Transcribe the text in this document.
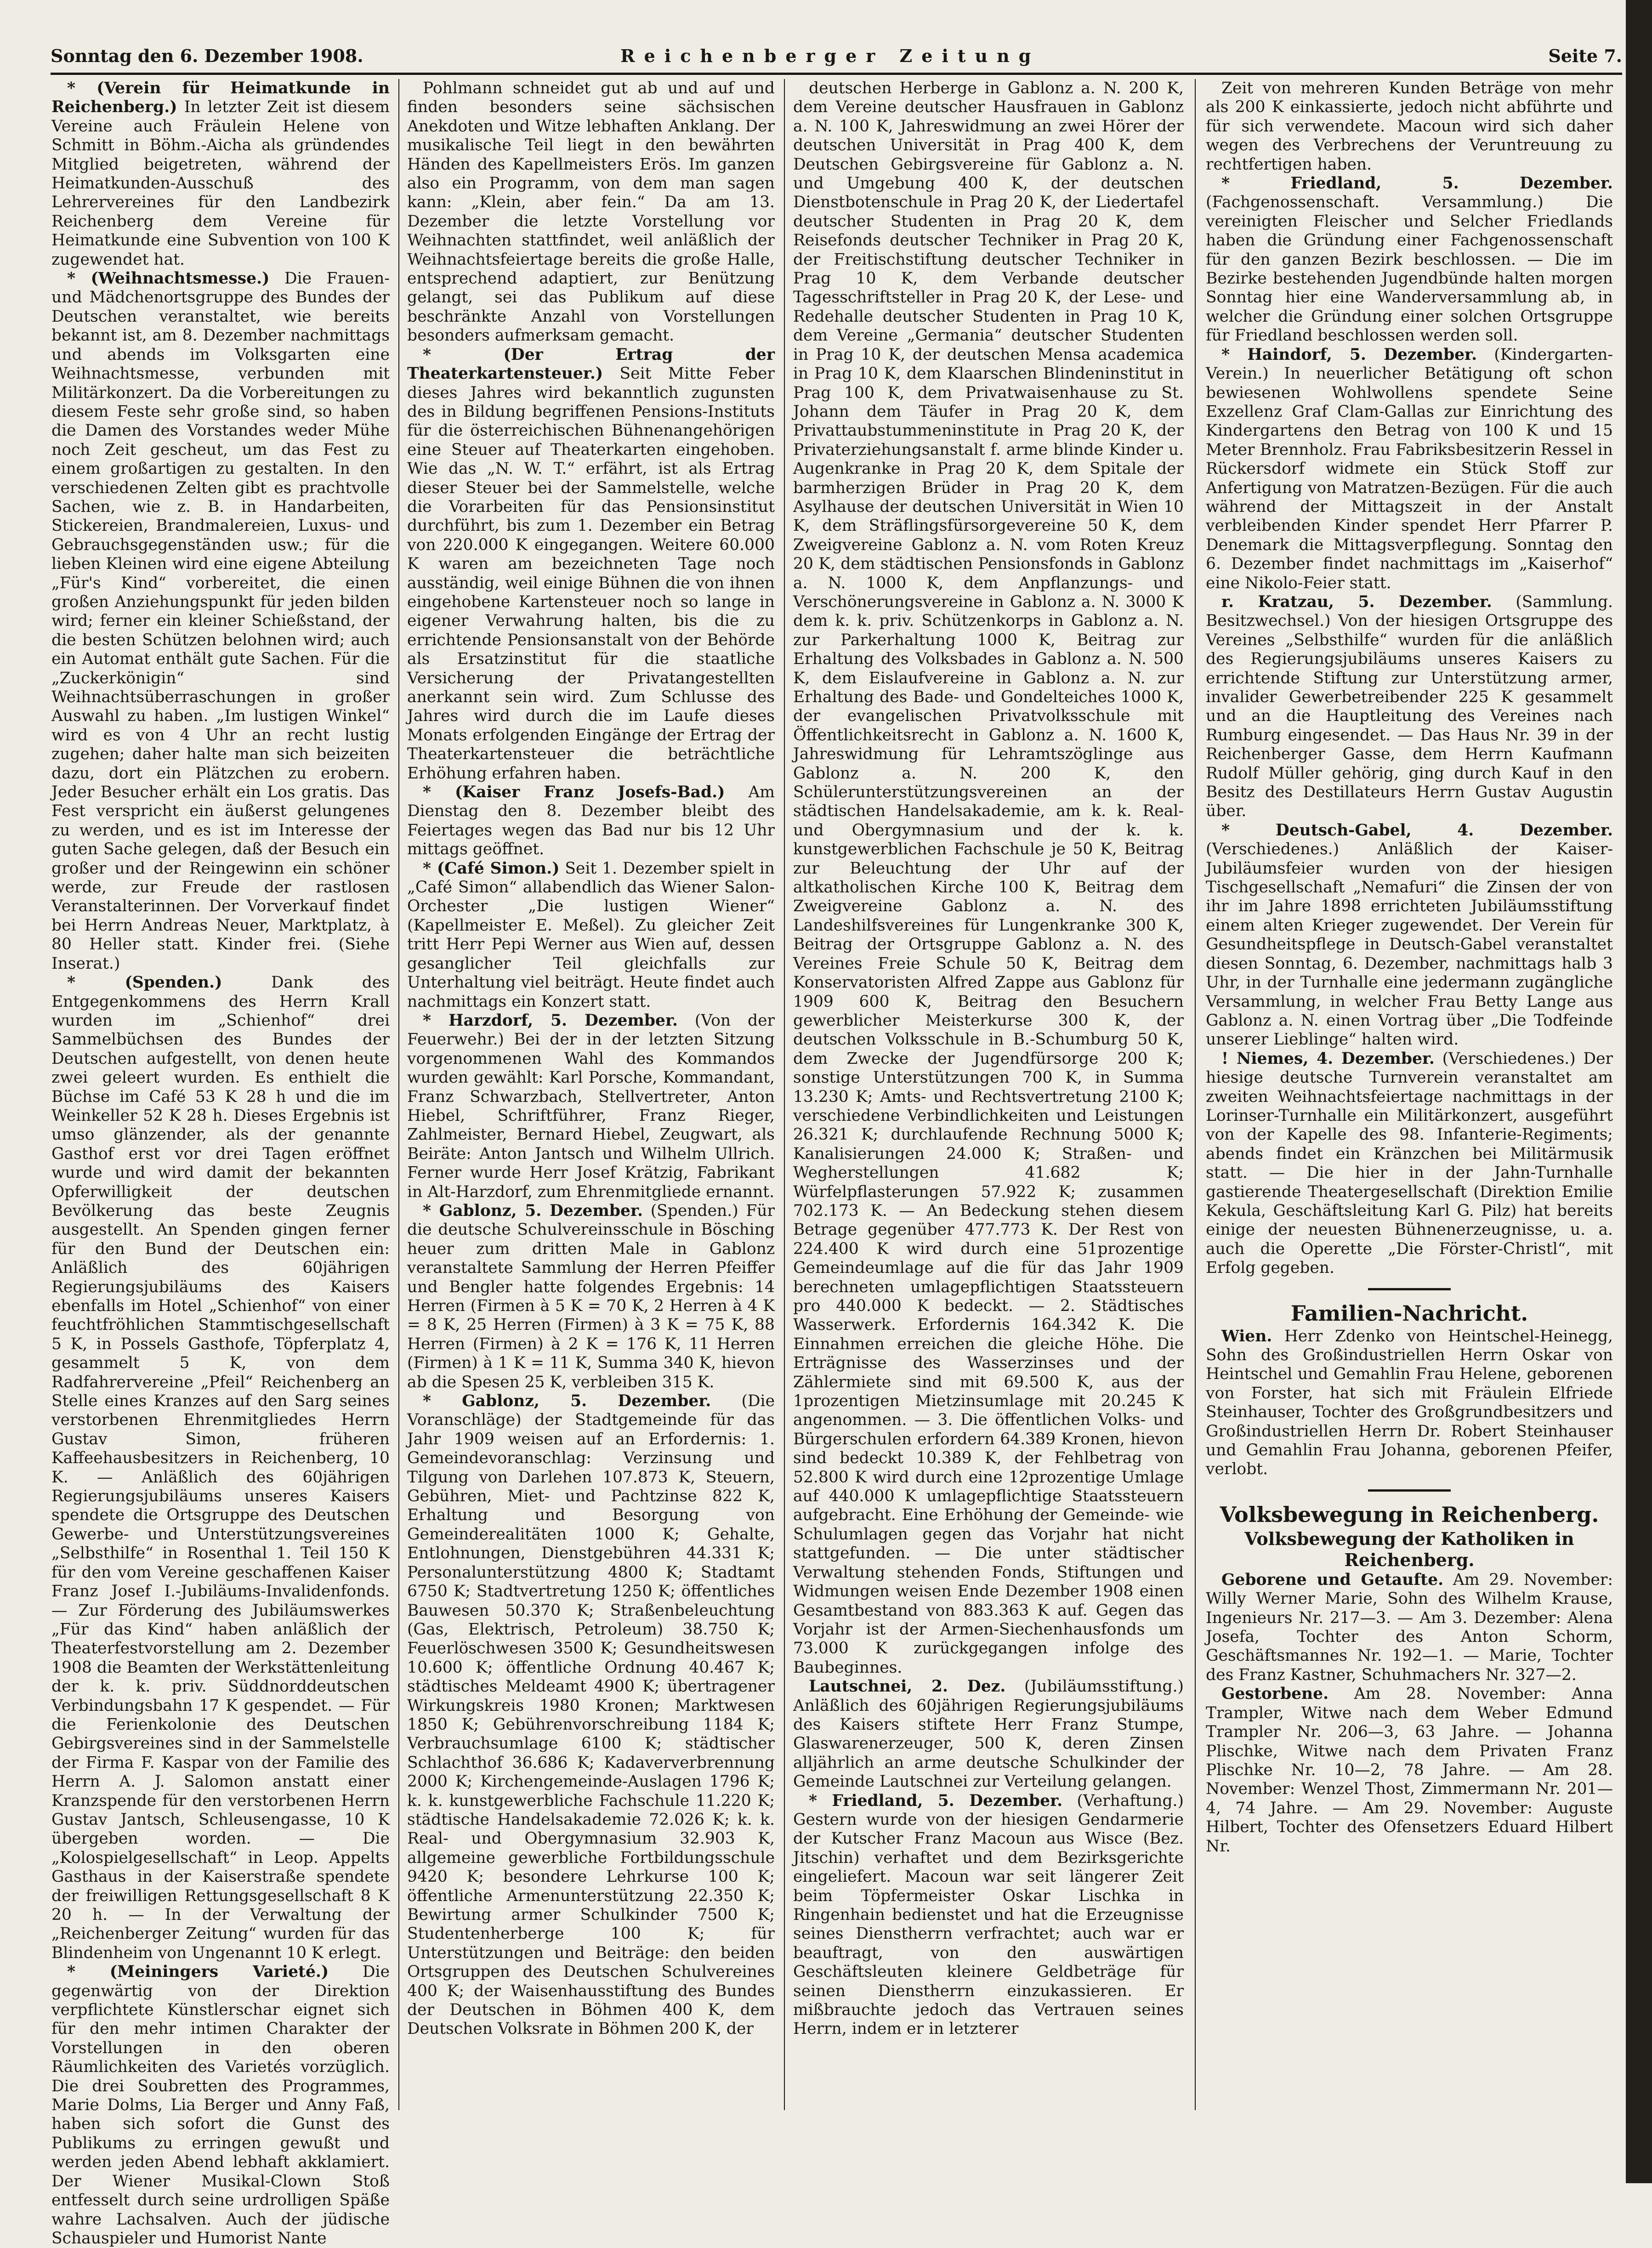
Sonntag den 6. Dezember 1908.	Reichenberger Zeitung	Seite 7.

* (Verein für Heimatkunde in Reichenberg.) In letzter Zeit ist diesem Vereine auch Fräulein Helene von Schmitt in Böhm.-Aicha als gründendes Mitglied beigetreten, während der Heimatkunden-Ausschuß des Lehrervereines für den Landbezirk Reichenberg dem Vereine für Heimatkunde eine Subvention von 100 K zugewendet hat.

* (Weihnachtsmesse.) Die Frauen- und Mädchenortsgruppe des Bundes der Deutschen veranstaltet, wie bereits bekannt ist, am 8. Dezember nachmittags und abends im Volksgarten eine Weihnachtsmesse, verbunden mit Militärkonzert. Da die Vorbereitungen zu diesem Feste sehr große sind, so haben die Damen des Vorstandes weder Mühe noch Zeit gescheut, um das Fest zu einem großartigen zu gestalten. In den verschiedenen Zelten gibt es prachtvolle Sachen, wie z. B. in Handarbeiten, Stickereien, Brandmalereien, Luxus- und Gebrauchsgegenständen usw.; für die lieben Kleinen wird eine eigene Abteilung „Für's Kind“ vorbereitet, die einen großen Anziehungspunkt für jeden bilden wird; ferner ein kleiner Schießstand, der die besten Schützen belohnen wird; auch ein Automat enthält gute Sachen. Für die „Zuckerkönigin“ sind Weihnachtsüberraschungen in großer Auswahl zu haben. „Im lustigen Winkel“ wird es von 4 Uhr an recht lustig zugehen; daher halte man sich beizeiten dazu, dort ein Plätzchen zu erobern. Jeder Besucher erhält ein Los gratis. Das Fest verspricht ein äußerst gelungenes zu werden, und es ist im Interesse der guten Sache gelegen, daß der Besuch ein großer und der Reingewinn ein schöner werde, zur Freude der rastlosen Veranstalterinnen. Der Vorverkauf findet bei Herrn Andreas Neuer, Marktplatz, à 80 Heller statt. Kinder frei. (Siehe Inserat.)

* (Spenden.)	Dank des Entgegenkommens des Herrn Krall wurden im „Schienhof“ drei Sammelbüchsen des Bundes der Deutschen aufgestellt, von denen heute zwei geleert wurden. Es enthielt die Büchse im Café 53 K 28 h und die im Weinkeller 52 K 28 h. Dieses Ergebnis ist umso glänzender, als der genannte Gasthof erst vor drei Tagen eröffnet wurde und wird damit der bekannten Opferwilligkeit der deutschen Bevölkerung das beste Zeugnis ausgestellt. An Spenden gingen ferner für den Bund der Deutschen ein: Anläßlich des 60jährigen Regierungsjubiläums des Kaisers ebenfalls im Hotel „Schienhof“ von einer feuchtfröhlichen Stammtischgesellschaft 5 K, in Possels Gasthofe, Töpferplatz 4, gesammelt 5 K, von dem Radfahrervereine „Pfeil“ Reichenberg an Stelle eines Kranzes auf den Sarg seines verstorbenen Ehrenmitgliedes Herrn Gustav Simon, früheren Kaffeehausbesitzers in Reichenberg, 10 K. — Anläßlich des 60jährigen Regierungsjubiläums unseres Kaisers spendete die Ortsgruppe des Deutschen Gewerbe- und Unterstützungsvereines „Selbsthilfe“ in Rosenthal 1. Teil 150 K für den vom Vereine geschaffenen Kaiser Franz Josef I.-Jubiläums-Invalidenfonds. — Zur Förderung des Jubiläumswerkes „Für das Kind“ haben anläßlich der Theaterfestvorstellung am 2. Dezember 1908 die Beamten der Werkstättenleitung der k. k. priv. Süddnorddeutschen Verbindungsbahn 17 K gespendet. — Für die Ferienkolonie des Deutschen Gebirgsvereines sind in der Sammelstelle der Firma F. Kaspar von der Familie des Herrn A. J. Salomon anstatt einer Kranzspende für den verstorbenen Herrn Gustav Jantsch, Schleusengasse, 10 K übergeben worden. — Die „Kolospielgesellschaft“ in Leop. Appelts Gasthaus in der Kaiserstraße spendete der freiwilligen Rettungsgesellschaft 8 K 20 h. — In der Verwaltung der „Reichenberger Zeitung“ wurden für das Blindenheim von Ungenannt 10 K erlegt.

* (Meiningers Varieté.) Die gegenwärtig von der Direktion verpflichtete Künstlerschar eignet sich für den mehr intimen Charakter der Vorstellungen in den oberen Räumlichkeiten des Varietés vorzüglich. Die drei Soubretten des Programmes, Marie Dolms, Lia Berger und Anny Faß, haben sich sofort die Gunst des Publikums zu erringen gewußt und werden jeden Abend lebhaft akklamiert. Der Wiener Musikal-Clown Stoß entfesselt durch seine urdrolligen Späße wahre Lachsalven. Auch der jüdische Schauspieler und Humorist Nante

Pohlmann schneidet gut ab und auf und finden besonders seine sächsischen Anekdoten und Witze lebhaften Anklang. Der musikalische Teil liegt in den bewährten Händen des Kapellmeisters Erös. Im ganzen also ein Programm, von dem man sagen kann: „Klein, aber fein.“ Da am 13. Dezember die letzte Vorstellung vor Weihnachten stattfindet, weil anläßlich der Weihnachtsfeiertage bereits die große Halle, entsprechend adaptiert, zur Benützung gelangt, sei das Publikum auf diese beschränkte Anzahl von Vorstellungen besonders aufmerksam gemacht.

* (Der Ertrag der Theaterkartensteuer.) Seit Mitte Feber dieses Jahres wird bekanntlich zugunsten des in Bildung begriffenen Pensions-Instituts für die österreichischen Bühnenangehörigen eine Steuer auf Theaterkarten eingehoben. Wie das „N. W. T.“ erfährt, ist als Ertrag dieser Steuer bei der Sammelstelle, welche die Vorarbeiten für das Pensionsinstitut durchführt, bis zum 1. Dezember ein Betrag von 220.000 K eingegangen. Weitere 60.000 K waren am bezeichneten Tage noch ausständig, weil einige Bühnen die von ihnen eingehobene Kartensteuer noch so lange in eigener Verwahrung halten, bis die zu errichtende Pensionsanstalt von der Behörde als Ersatzinstitut für die staatliche Versicherung der Privatangestellten anerkannt sein wird. Zum Schlusse des Jahres wird durch die im Laufe dieses Monats erfolgenden Eingänge der Ertrag der Theaterkartensteuer die beträchtliche Erhöhung erfahren haben.

* (Kaiser Franz Josefs-Bad.) Am Dienstag den 8. Dezember bleibt des Feiertages wegen das Bad nur bis 12 Uhr mittags geöffnet.

* (Café Simon.) Seit 1. Dezember spielt in „Café Simon“ allabendlich das Wiener Salon-Orchester „Die lustigen Wiener“ (Kapellmeister E. Meßel). Zu gleicher Zeit tritt Herr Pepi Werner aus Wien auf, dessen gesanglicher Teil gleichfalls zur Unterhaltung viel beiträgt. Heute findet auch nachmittags ein Konzert statt.

* Harzdorf, 5. Dezember. (Von der Feuerwehr.) Bei der in der letzten Sitzung vorgenommenen Wahl des Kommandos wurden gewählt: Karl Porsche, Kommandant, Franz Schwarzbach, Stellvertreter, Anton Hiebel, Schriftführer, Franz Rieger, Zahlmeister, Bernard Hiebel, Zeugwart, als Beiräte: Anton Jantsch und Wilhelm Ullrich. Ferner wurde Herr Josef Krätzig, Fabrikant in Alt-Harzdorf, zum Ehrenmitgliede ernannt.

* Gablonz, 5. Dezember. (Spenden.) Für die deutsche Schulvereinsschule in Bösching heuer zum dritten Male in Gablonz veranstaltete Sammlung der Herren Pfeiffer und Bengler hatte folgendes Ergebnis: 14 Herren (Firmen à 5 K = 70 K, 2 Herren à 4 K = 8 K, 25 Herren (Firmen) à 3 K = 75 K, 88 Herren (Firmen) à 2 K = 176 K, 11 Herren (Firmen) à 1 K = 11 K, Summa 340 K, hievon ab die Spesen 25 K, verbleiben 315 K.

* Gablonz, 5. Dezember. (Die Voranschläge) der Stadtgemeinde für das Jahr 1909 weisen auf an Erfordernis: 1. Gemeindevoranschlag: Verzinsung und Tilgung von Darlehen 107.873 K, Steuern, Gebühren, Miet- und Pachtzinse 822 K, Erhaltung und Besorgung von Gemeinderealitäten 1000 K; Gehalte, Entlohnungen, Dienstgebühren 44.331 K; Personalunterstützung 4800 K; Stadtamt 6750 K; Stadtvertretung 1250 K; öffentliches Bauwesen 50.370 K; Straßenbeleuchtung (Gas, Elektrisch, Petroleum) 38.750 K; Feuerlöschwesen 3500 K; Gesundheitswesen 10.600 K; öffentliche Ordnung 40.467 K; städtisches Meldeamt 4900 K; übertragener Wirkungskreis 1980 Kronen; Marktwesen 1850 K; Gebührenvorschreibung 1184 K; Verbrauchsumlage 6100 K; städtischer Schlachthof 36.686 K; Kadaververbrennung 2000 K; Kirchengemeinde-Auslagen 1796 K; k. k. kunstgewerbliche Fachschule 11.220 K; städtische Handelsakademie 72.026 K; k. k. Real- und Obergymnasium 32.903 K, allgemeine gewerbliche Fortbildungsschule 9420 K; besondere Lehrkurse 100 K; öffentliche Armenunterstützung 22.350 K; Bewirtung armer Schulkinder 7500 K; Studentenherberge 100 K; für Unterstützungen und Beiträge: den beiden Ortsgruppen des Deutschen Schulvereines 400 K; der Waisenhausstiftung des Bundes der Deutschen in Böhmen 400 K, dem Deutschen Volksrate in Böhmen 200 K, der

deutschen Herberge in Gablonz a. N. 200 K, dem Vereine deutscher Hausfrauen in Gablonz a. N. 100 K, Jahreswidmung an zwei Hörer der deutschen Universität in Prag 400 K, dem Deutschen Gebirgsvereine für Gablonz a. N. und Umgebung 400 K, der deutschen Dienstbotenschule in Prag 20 K, der Liedertafel deutscher Studenten in Prag 20 K, dem Reisefonds deutscher Techniker in Prag 20 K, der Freitischstiftung deutscher Techniker in Prag 10 K, dem Verbande deutscher Tagesschriftsteller in Prag 20 K, der Lese- und Redehalle deutscher Studenten in Prag 10 K, dem Vereine „Germania“ deutscher Studenten in Prag 10 K, der deutschen Mensa academica in Prag 10 K, dem Klaarschen Blindeninstitut in Prag 100 K, dem Privatwaisenhause zu St. Johann dem Täufer in Prag 20 K, dem Privattaubstummeninstitute in Prag 20 K, der Privaterziehungsanstalt f. arme blinde Kinder u. Augenkranke in Prag 20 K, dem Spitale der barmherzigen Brüder in Prag 20 K, dem Asylhause der deutschen Universität in Wien 10 K, dem Sträflingsfürsorgevereine 50 K, dem Zweigvereine Gablonz a. N. vom Roten Kreuz 20 K, dem städtischen Pensionsfonds in Gablonz a. N. 1000 K, dem Anpflanzungs- und Verschönerungsvereine in Gablonz a. N. 3000 K dem k. k. priv. Schützenkorps in Gablonz a. N. zur Parkerhaltung 1000 K, Beitrag zur Erhaltung des Volksbades in Gablonz a. N. 500 K, dem Eislaufvereine in Gablonz a. N. zur Erhaltung des Bade- und Gondelteiches 1000 K, der evangelischen Privatvolksschule mit Öffentlichkeitsrecht in Gablonz a. N. 1600 K, Jahreswidmung für Lehramtszöglinge aus Gablonz a. N. 200 K, den Schülerunterstützungsvereinen an der städtischen Handelsakademie, am k. k. Real- und Obergymnasium und der k. k. kunstgewerblichen Fachschule je 50 K, Beitrag zur Beleuchtung der Uhr auf der altkatholischen Kirche 100 K, Beitrag dem Zweigvereine Gablonz a. N. des Landeshilfsvereines für Lungenkranke 300 K, Beitrag der Ortsgruppe Gablonz a. N. des Vereines Freie Schule 50 K, Beitrag dem Konservatoristen Alfred Zappe aus Gablonz für 1909 600 K, Beitrag den Besuchern gewerblicher Meisterkurse 300 K, der deutschen Volksschule in B.-Schumburg 50 K, dem Zwecke der Jugendfürsorge 200 K; sonstige Unterstützungen 700 K, in Summa 13.230 K; Amts- und Rechtsvertretung 2100 K; verschiedene Verbindlichkeiten und Leistungen 26.321 K; durchlaufende Rechnung 5000 K; Kanalisierungen 24.000 K; Straßen- und Wegherstellungen 41.682 K; Würfelpflasterungen 57.922 K; zusammen 702.173 K. — An Bedeckung stehen diesem Betrage gegenüber 477.773 K. Der Rest von 224.400 K wird durch eine 51prozentige Gemeindeumlage auf die für das Jahr 1909 berechneten umlagepflichtigen Staatssteuern pro 440.000 K bedeckt. — 2. Städtisches Wasserwerk. Erfordernis 164.342 K. Die Einnahmen erreichen die gleiche Höhe. Die Erträgnisse des Wasserzinses und der Zählermiete sind mit 69.500 K, aus der 1prozentigen Mietzinsumlage mit 20.245 K angenommen. — 3. Die öffentlichen Volks- und Bürgerschulen erfordern 64.389 Kronen, hievon sind bedeckt 10.389 K, der Fehlbetrag von 52.800 K wird durch eine 12prozentige Umlage auf 440.000 K umlagepflichtige Staatssteuern aufgebracht. Eine Erhöhung der Gemeinde- wie Schulumlagen gegen das Vorjahr hat nicht stattgefunden. — Die unter städtischer Verwaltung stehenden Fonds, Stiftungen und Widmungen weisen Ende Dezember 1908 einen Gesamtbestand von 883.363 K auf. Gegen das Vorjahr ist der Armen-Siechenhausfonds um 73.000 K zurückgegangen infolge des Baubeginnes.

Lautschnei, 2. Dez. (Jubiläumsstiftung.) Anläßlich des 60jährigen Regierungsjubiläums des Kaisers stiftete Herr Franz Stumpe, Glaswarenerzeuger, 500 K, deren Zinsen alljährlich an arme deutsche Schulkinder der Gemeinde Lautschnei zur Verteilung gelangen.

* Friedland, 5. Dezember. (Verhaftung.) Gestern wurde von der hiesigen Gendarmerie der Kutscher Franz Macoun aus Wisce (Bez. Jitschin) verhaftet und dem Bezirksgerichte eingeliefert. Macoun war seit längerer Zeit beim Töpfermeister Oskar Lischka in Ringenhain bedienstet und hat die Erzeugnisse seines Dienstherrn verfrachtet; auch war er beauftragt, von den auswärtigen Geschäftsleuten kleinere Geldbeträge für seinen Dienstherrn einzukassieren. Er mißbrauchte jedoch das Vertrauen seines Herrn, indem er in letzterer

Zeit von mehreren Kunden Beträge von mehr als 200 K einkassierte, jedoch nicht abführte und für sich verwendete. Macoun wird sich daher wegen des Verbrechens der Veruntreuung zu rechtfertigen haben.

* Friedland, 5. Dezember. (Fachgenossenschaft. Versammlung.) Die vereinigten Fleischer und Selcher Friedlands haben die Gründung einer Fachgenossenschaft für den ganzen Bezirk beschlossen. — Die im Bezirke bestehenden Jugendbünde halten morgen Sonntag hier eine Wanderversammlung ab, in welcher die Gründung einer solchen Ortsgruppe für Friedland beschlossen werden soll.

* Haindorf, 5. Dezember. (Kindergarten-Verein.) In neuerlicher Betätigung oft schon bewiesenen Wohlwollens spendete Seine Exzellenz Graf Clam-Gallas zur Einrichtung des Kindergartens den Betrag von 100 K und 15 Meter Brennholz. Frau Fabriksbesitzerin Ressel in Rückersdorf widmete ein Stück Stoff zur Anfertigung von Matratzen-Bezügen. Für die auch während der Mittagszeit in der Anstalt verbleibenden Kinder spendet Herr Pfarrer P. Denemark die Mittagsverpflegung. Sonntag den 6. Dezember findet nachmittags im „Kaiserhof“ eine Nikolo-Feier statt.

r. Kratzau, 5. Dezember. (Sammlung. Besitzwechsel.) Von der hiesigen Ortsgruppe des Vereines „Selbsthilfe“ wurden für die anläßlich des Regierungsjubiläums unseres Kaisers zu errichtende Stiftung zur Unterstützung armer, invalider Gewerbetreibender 225 K gesammelt und an die Hauptleitung des Vereines nach Rumburg eingesendet. — Das Haus Nr. 39 in der Reichenberger Gasse, dem Herrn Kaufmann Rudolf Müller gehörig, ging durch Kauf in den Besitz des Destillateurs Herrn Gustav Augustin über.

* Deutsch-Gabel, 4. Dezember. (Verschiedenes.) Anläßlich der Kaiser-Jubiläumsfeier wurden von der hiesigen Tischgesellschaft „Nemafuri“ die Zinsen der von ihr im Jahre 1898 errichteten Jubiläumsstiftung einem alten Krieger zugewendet. Der Verein für Gesundheitspflege in Deutsch-Gabel veranstaltet diesen Sonntag, 6. Dezember, nachmittags halb 3 Uhr, in der Turnhalle eine jedermann zugängliche Versammlung, in welcher Frau Betty Lange aus Gablonz a. N. einen Vortrag über „Die Todfeinde unserer Lieblinge“ halten wird.

! Niemes, 4. Dezember. (Verschiedenes.) Der hiesige deutsche Turnverein veranstaltet am zweiten Weihnachtsfeiertage nachmittags in der Lorinser-Turnhalle ein Militärkonzert, ausgeführt von der Kapelle des 98. Infanterie-Regiments; abends findet ein Kränzchen bei Militärmusik statt. — Die hier in der Jahn-Turnhalle gastierende Theatergesellschaft (Direktion Emilie Kekula, Geschäftsleitung Karl G. Pilz) hat bereits einige der neuesten Bühnenerzeugnisse, u. a. auch die Operette „Die Förster-Christl“, mit Erfolg gegeben.

Familien-Nachricht.

Wien. Herr Zdenko von Heintschel-Heinegg, Sohn des Großindustriellen Herrn Oskar von Heintschel und Gemahlin Frau Helene, geborenen von Forster, hat sich mit Fräulein Elfriede Steinhauser, Tochter des Großgrundbesitzers und Großindustriellen Herrn Dr. Robert Steinhauser und Gemahlin Frau Johanna, geborenen Pfeifer, verlobt.

Volksbewegung in Reichenberg.

Volksbewegung der Katholiken in Reichenberg.

Geborene und Getaufte. Am 29. November: Willy Werner Marie, Sohn des Wilhelm Krause, Ingenieurs Nr. 217—3. — Am 3. Dezember: Alena Josefa, Tochter des Anton Schorm, Geschäftsmannes Nr. 192—1. — Marie, Tochter des Franz Kastner, Schuhmachers Nr. 327—2.

Gestorbene. Am 28. November: Anna Trampler, Witwe nach dem Weber Edmund Trampler Nr. 206—3, 63 Jahre. — Johanna Plischke, Witwe nach dem Privaten Franz Plischke Nr. 10—2, 78 Jahre. — Am 28. November: Wenzel Thost, Zimmermann Nr. 201—4, 74 Jahre. — Am 29. November: Auguste Hilbert, Tochter des Ofensetzers Eduard Hilbert Nr.
